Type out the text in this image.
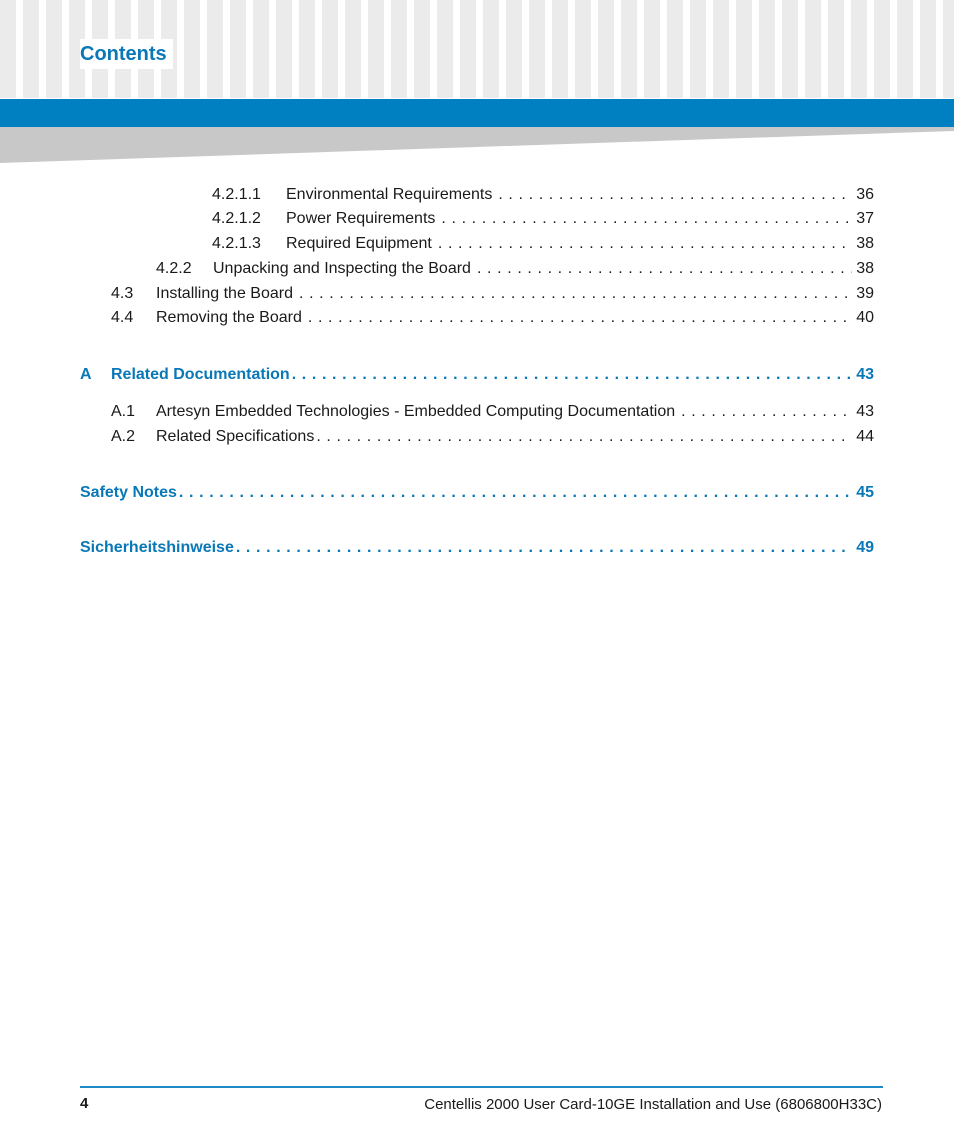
Contents
4.2.1.1	Environmental Requirements . . .	36
4.2.1.2	Power Requirements . . .	37
4.2.1.3	Required Equipment . . .	38
4.2.2	Unpacking and Inspecting the Board . . .	38
4.3	Installing the Board . . .	39
4.4	Removing the Board . . .	40
A	Related Documentation . . .	43
A.1	Artesyn Embedded Technologies - Embedded Computing Documentation . . .	43
A.2	Related Specifications . . .	44
Safety Notes . . .	45
Sicherheitshinweise . . .	49
4	Centellis 2000 User Card-10GE Installation and Use (6806800H33C)
